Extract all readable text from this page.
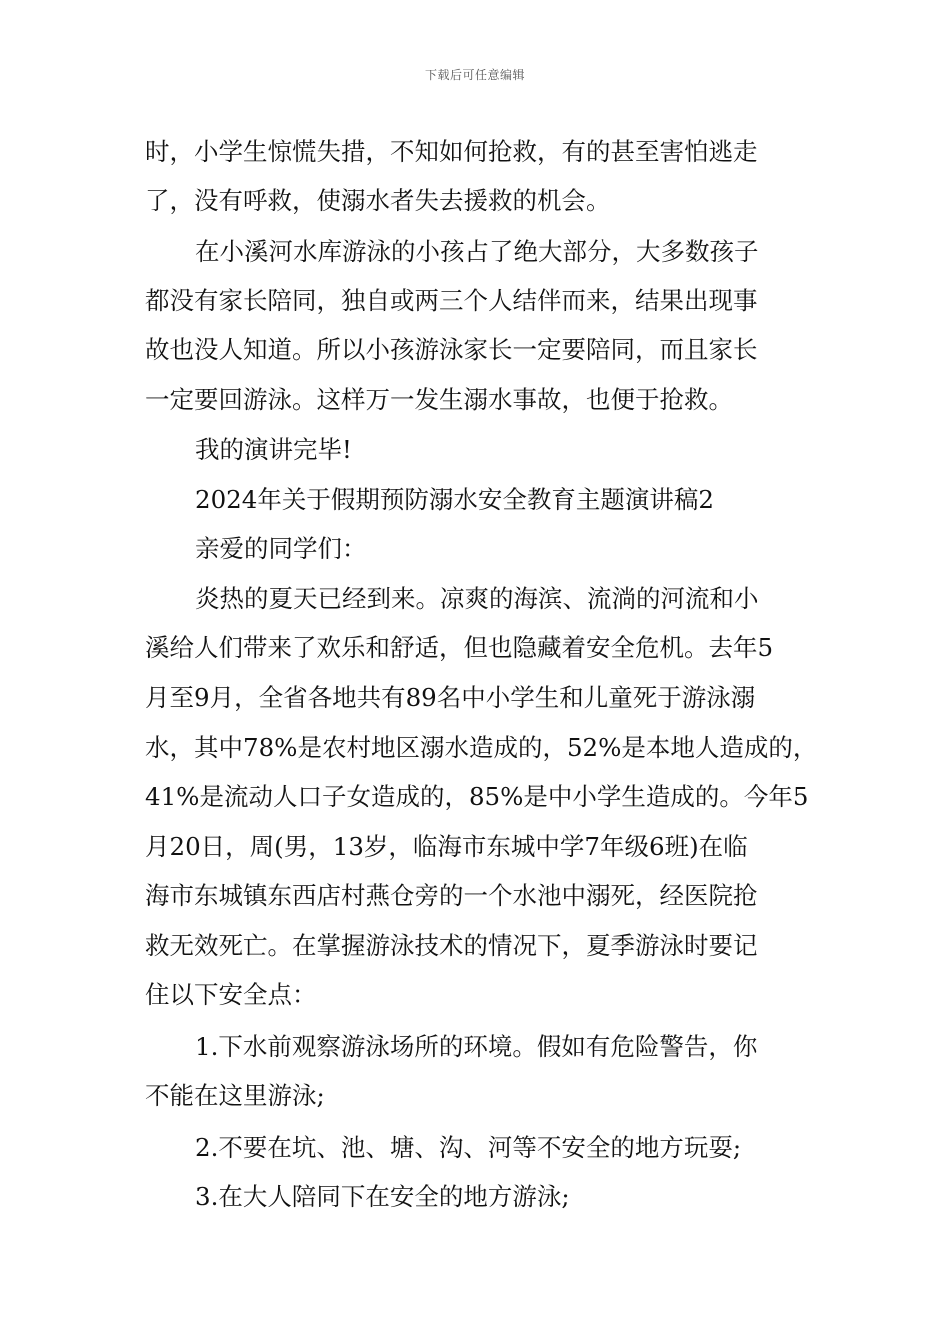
下载后可任意编辑
时，小学生惊慌失措，不知如何抢救，有的甚至害怕逃走
了，没有呼救，使溺水者失去援救的机会。
在小溪河水库游泳的小孩占了绝大部分，大多数孩子
都没有家长陪同，独自或两三个人结伴而来，结果出现事
故也没人知道。所以小孩游泳家长一定要陪同，而且家长
一定要回游泳。这样万一发生溺水事故，也便于抢救。
我的演讲完毕!
2024年关于假期预防溺水安全教育主题演讲稿2
亲爱的同学们：
炎热的夏天已经到来。凉爽的海滨、流淌的河流和小
溪给人们带来了欢乐和舒适，但也隐藏着安全危机。去年5
月至9月，全省各地共有89名中小学生和儿童死于游泳溺
水，其中78%是农村地区溺水造成的，52%是本地人造成的，
41%是流动人口子女造成的，85%是中小学生造成的。今年5
月20日，周(男，13岁，临海市东城中学7年级6班)在临
海市东城镇东西店村燕仓旁的一个水池中溺死，经医院抢
救无效死亡。在掌握游泳技术的情况下，夏季游泳时要记
住以下安全点：
1.下水前观察游泳场所的环境。假如有危险警告，你
不能在这里游泳;
2.不要在坑、池、塘、沟、河等不安全的地方玩耍;
3.在大人陪同下在安全的地方游泳;
